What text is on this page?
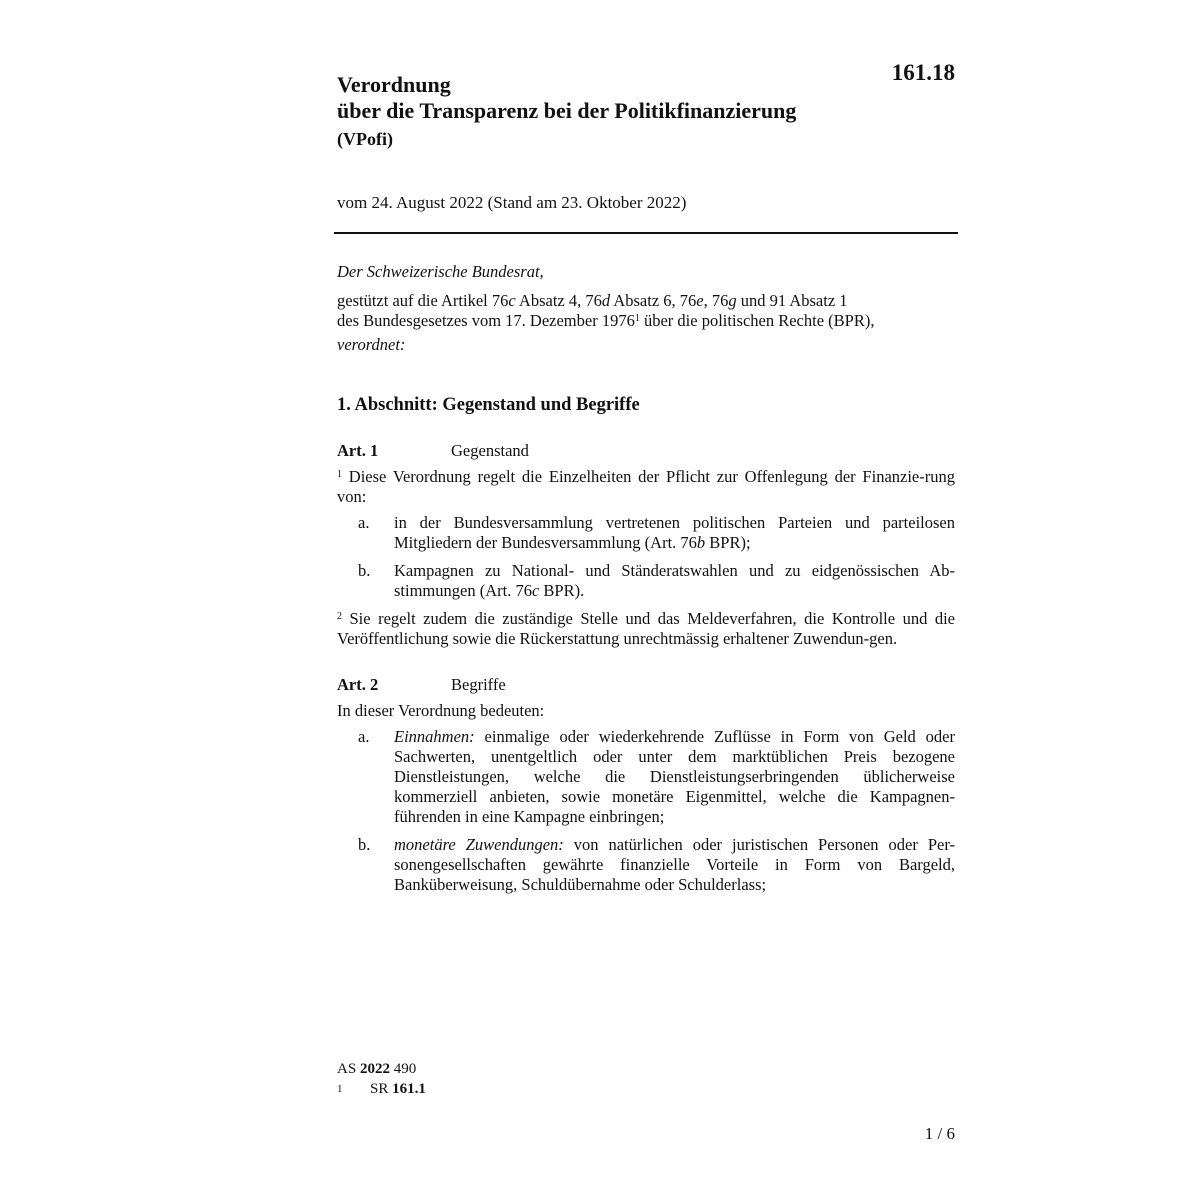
161.18
Verordnung
über die Transparenz bei der Politikfinanzierung
(VPofi)
vom 24. August 2022 (Stand am 23. Oktober 2022)

Der Schweizerische Bundesrat,

gestützt auf die Artikel 76c Absatz 4, 76d Absatz 6, 76e, 76g und 91 Absatz 1

des Bundesgesetzes vom 17. Dezember 1976$^1$ über die politischen Rechte (BPR),

verordnet:

1. Abschnitt: Gegenstand und Begriffe

Art. 1	Gegenstand

$^1$ Diese Verordnung regelt die Einzelheiten der Pflicht zur Offenlegung der Finanzie-rung von:

a.	in der Bundesversammlung vertretenen politischen Parteien und parteilosen Mitgliedern der Bundesversammlung (Art. 76b BPR);
b.	Kampagnen zu National- und Ständeratswahlen und zu eidgenössischen Ab-stimmungen (Art. 76c BPR).

$^2$ Sie regelt zudem die zuständige Stelle und das Meldeverfahren, die Kontrolle und die Veröffentlichung sowie die Rückerstattung unrechtmässig erhaltener Zuwendun-gen.

Art. 2	Begriffe

In dieser Verordnung bedeuten:

a.	Einnahmen: einmalige oder wiederkehrende Zuflüsse in Form von Geld oder Sachwerten, unentgeltlich oder unter dem marktüblichen Preis bezogene Dienstleistungen, welche die Dienstleistungserbringenden üblicherweise kommerziell anbieten, sowie monetäre Eigenmittel, welche die Kampagnen-führenden in eine Kampagne einbringen;
b.	monetäre Zuwendungen: von natürlichen oder juristischen Personen oder Per-sonengesellschaften gewährte finanzielle Vorteile in Form von Bargeld, Banküberweisung, Schuldübernahme oder Schulderlass;
AS 2022 490
1	SR 161.1
1 / 6
